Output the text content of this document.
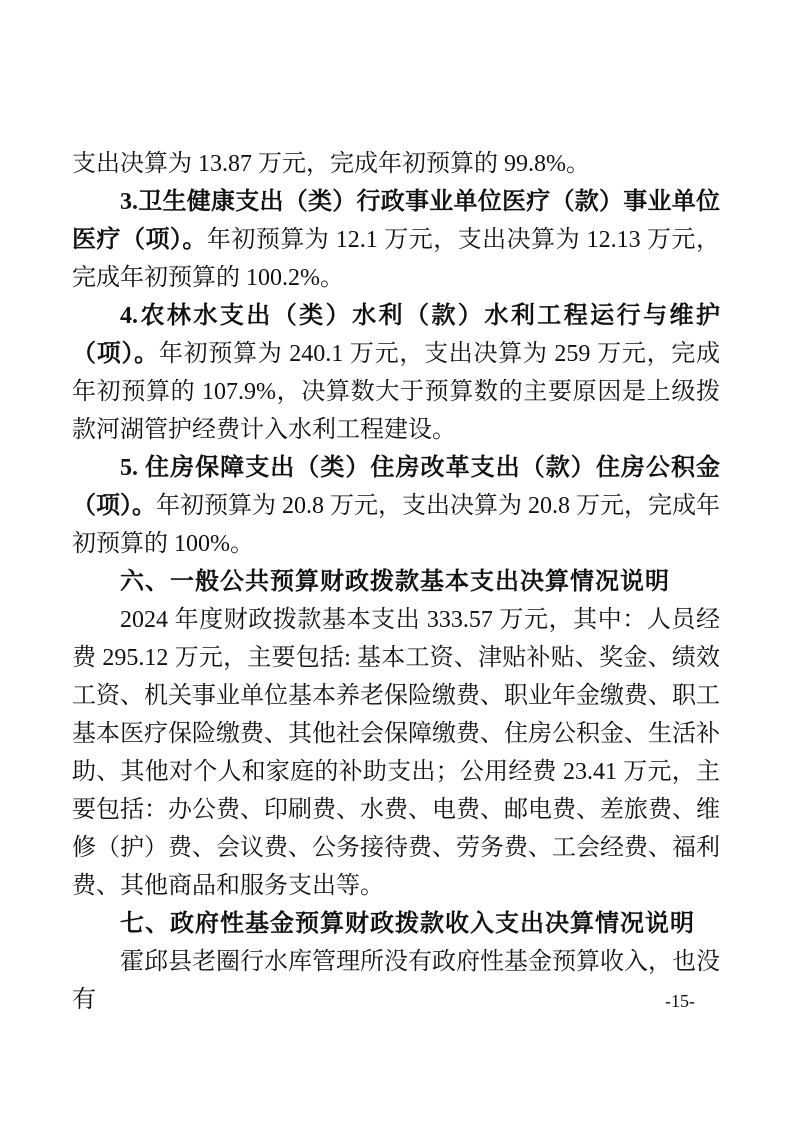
支出决算为 13.87 万元，完成年初预算的 99.8%。

3.卫生健康支出（类）行政事业单位医疗（款）事业单位医疗（项）。年初预算为 12.1 万元，支出决算为 12.13 万元，完成年初预算的 100.2%。

4.农林水支出（类）水利（款）水利工程运行与维护（项）。年初预算为 240.1 万元，支出决算为 259 万元，完成年初预算的 107.9%，决算数大于预算数的主要原因是上级拨款河湖管护经费计入水利工程建设。

5. 住房保障支出（类）住房改革支出（款）住房公积金（项）。年初预算为 20.8 万元，支出决算为 20.8 万元，完成年初预算的 100%。

六、一般公共预算财政拨款基本支出决算情况说明

2024 年度财政拨款基本支出 333.57 万元，其中：人员经费 295.12 万元，主要包括: 基本工资、津贴补贴、奖金、绩效工资、机关事业单位基本养老保险缴费、职业年金缴费、职工基本医疗保险缴费、其他社会保障缴费、住房公积金、生活补助、其他对个人和家庭的补助支出；公用经费 23.41 万元，主要包括：办公费、印刷费、水费、电费、邮电费、差旅费、维修（护）费、会议费、公务接待费、劳务费、工会经费、福利费、其他商品和服务支出等。

七、政府性基金预算财政拨款收入支出决算情况说明

霍邱县老圈行水库管理所没有政府性基金预算收入，也没有	-15-
